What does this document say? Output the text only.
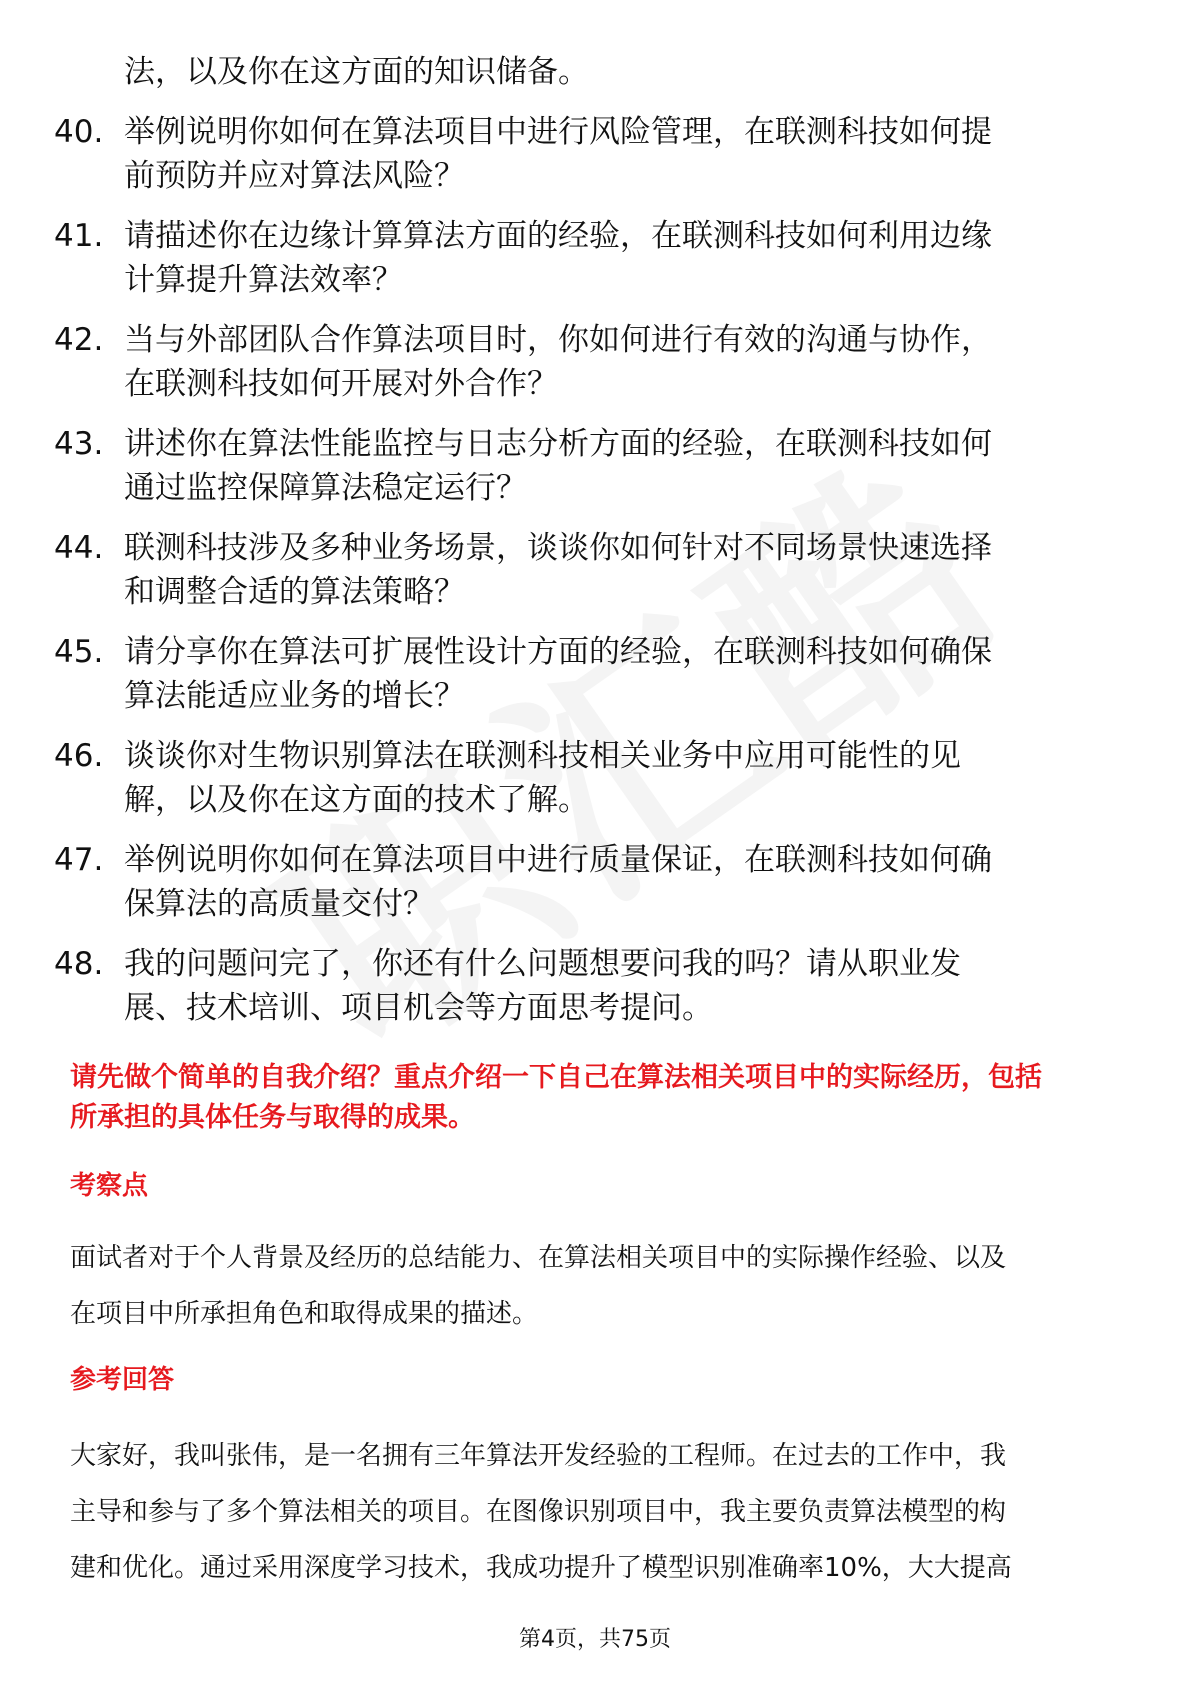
法，以及你在这方面的知识储备。
40. 举例说明你如何在算法项目中进行风险管理，在联测科技如何提
前预防并应对算法风险？
41. 请描述你在边缘计算算法方面的经验，在联测科技如何利用边缘
计算提升算法效率？
42. 当与外部团队合作算法项目时，你如何进行有效的沟通与协作，
在联测科技如何开展对外合作？
43. 讲述你在算法性能监控与日志分析方面的经验，在联测科技如何
通过监控保障算法稳定运行？
44. 联测科技涉及多种业务场景，谈谈你如何针对不同场景快速选择
和调整合适的算法策略？
45. 请分享你在算法可扩展性设计方面的经验，在联测科技如何确保
算法能适应业务的增长？
46. 谈谈你对生物识别算法在联测科技相关业务中应用可能性的见
解，以及你在这方面的技术了解。
47. 举例说明你如何在算法项目中进行质量保证，在联测科技如何确
保算法的高质量交付？
48. 我的问题问完了，你还有什么问题想要问我的吗？请从职业发
展、技术培训、项目机会等方面思考提问。
请先做个简单的自我介绍？重点介绍一下自己在算法相关项目中的实际经历，包括
所承担的具体任务与取得的成果。
考察点
面试者对于个人背景及经历的总结能力、在算法相关项目中的实际操作经验、以及
在项目中所承担角色和取得成果的描述。
参考回答
大家好，我叫张伟，是一名拥有三年算法开发经验的工程师。在过去的工作中，我
主导和参与了多个算法相关的项目。在图像识别项目中，我主要负责算法模型的构
建和优化。通过采用深度学习技术，我成功提升了模型识别准确率10%，大大提高
第4页，共75页
